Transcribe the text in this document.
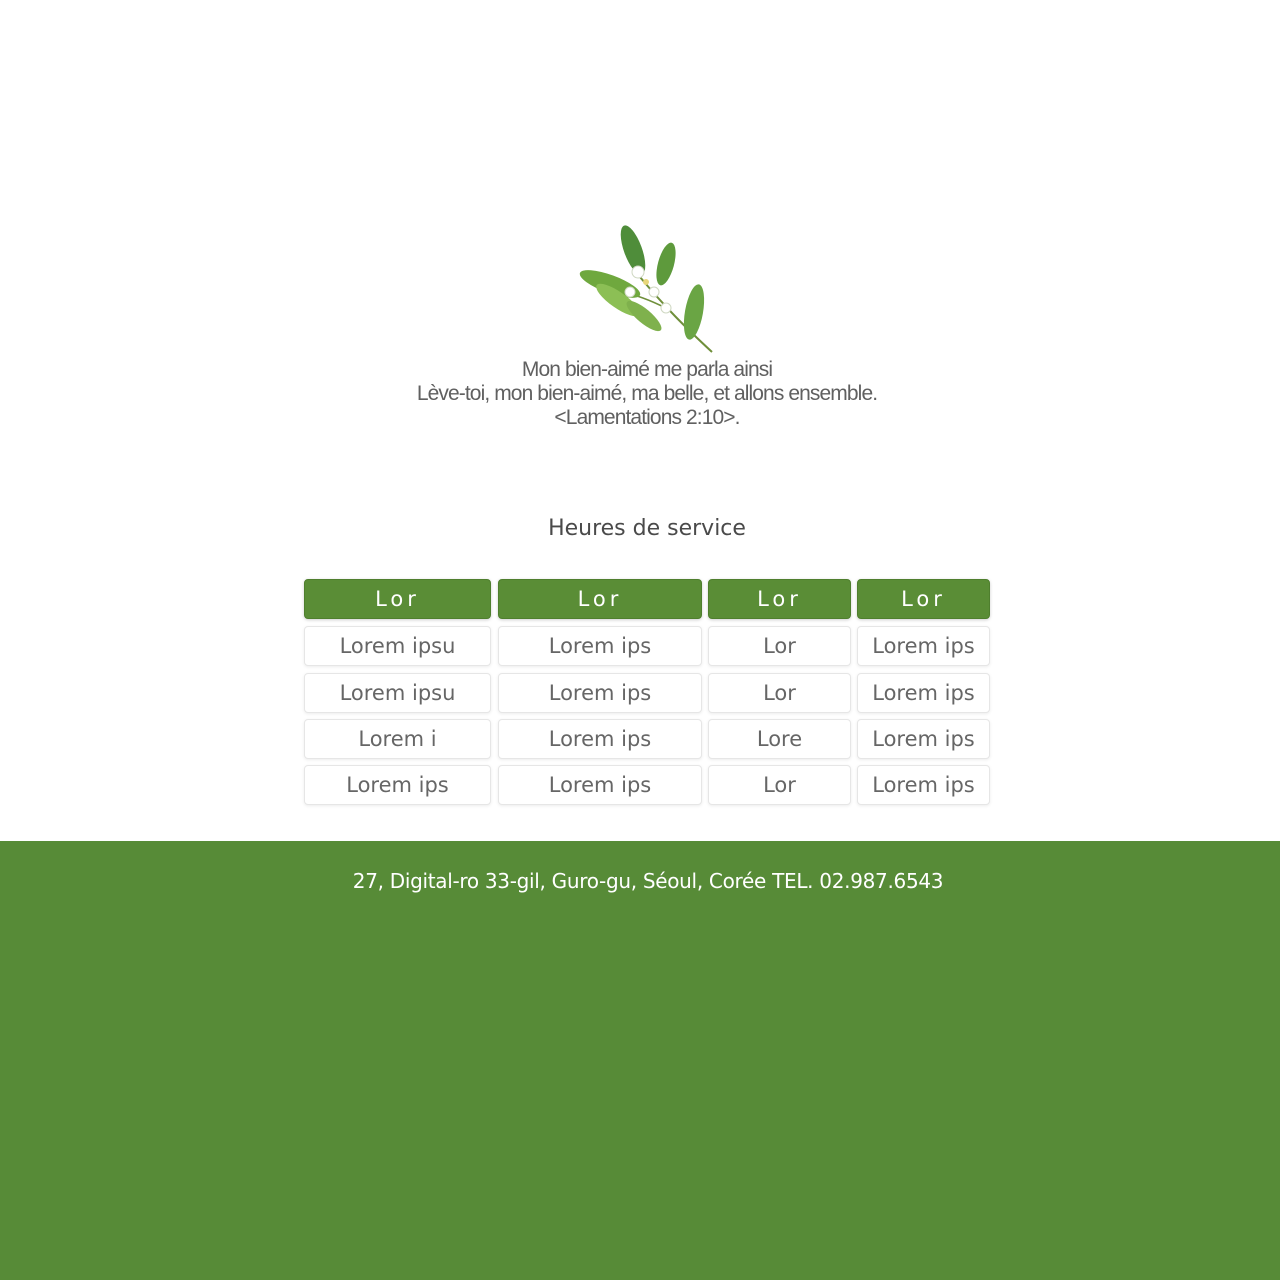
Mon bien-aimé me parla ainsi
Lève-toi, mon bien-aimé, ma belle, et allons ensemble.
<Lamentations 2:10>.
Heures de service
Lor	Lor	Lor	Lor
Lorem ipsu	Lorem ips	Lor	Lorem ips
Lorem ipsu	Lorem ips	Lor	Lorem ips
Lorem i	Lorem ips	Lore	Lorem ips
Lorem ips	Lorem ips	Lor	Lorem ips
27, Digital-ro 33-gil, Guro-gu, Séoul, Corée TEL. 02.987.6543
